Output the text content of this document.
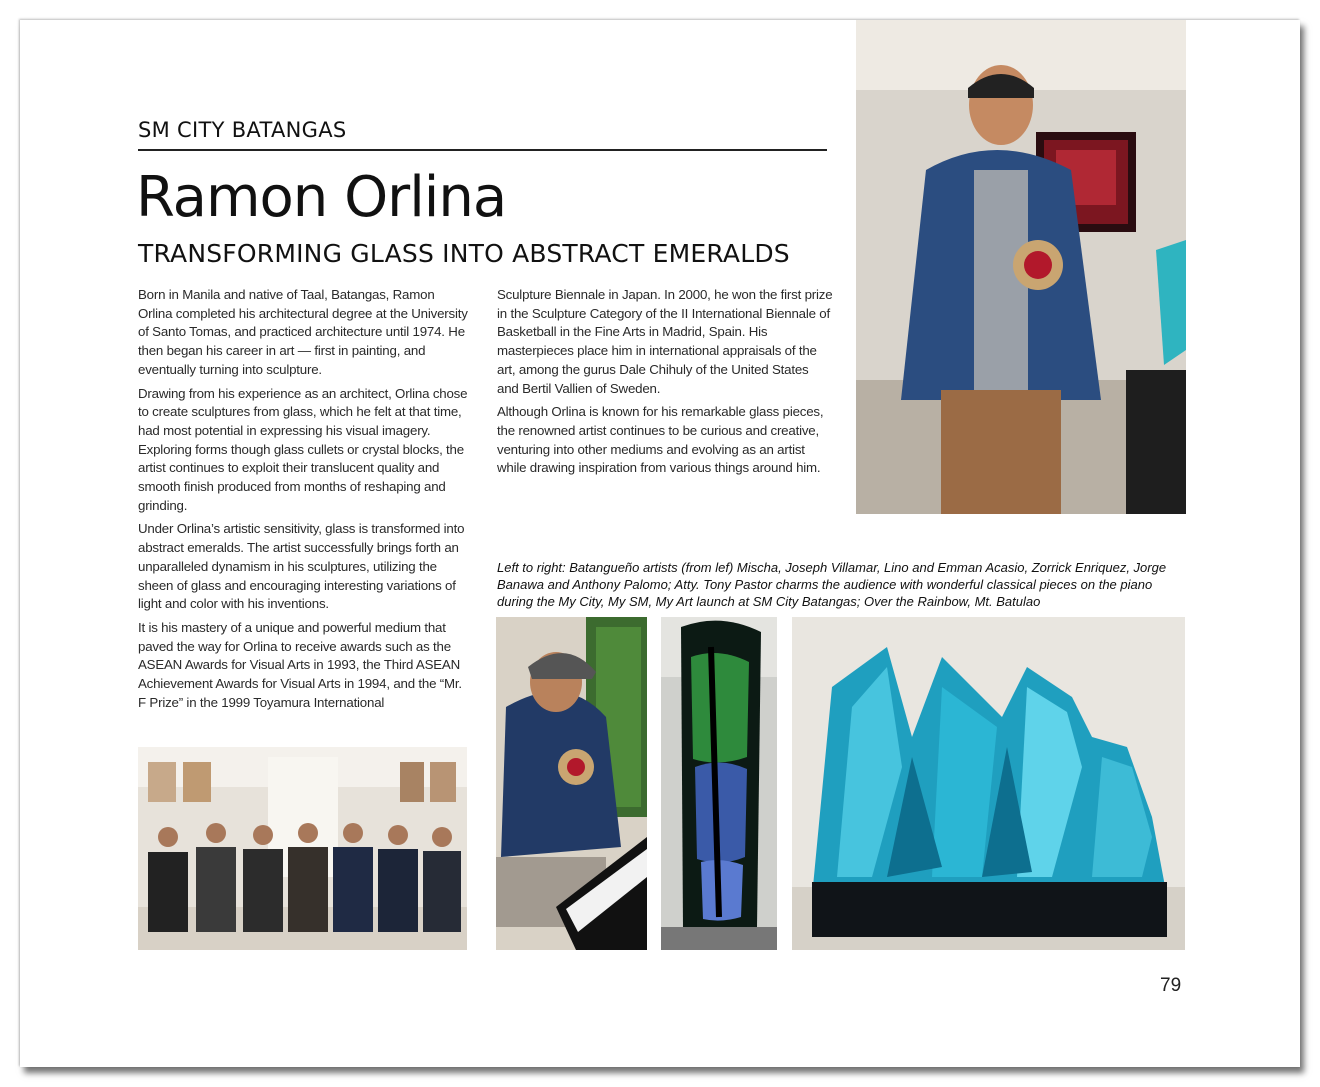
SM CITY BATANGAS
Ramon Orlina
TRANSFORMING GLASS INTO ABSTRACT EMERALDS

Born in Manila and native of Taal, Batangas, Ramon Orlina completed his architectural degree at the University of Santo Tomas, and practiced architecture until 1974. He then began his career in art — first in painting, and eventually turning into sculpture.

Drawing from his experience as an architect, Orlina chose to create sculptures from glass, which he felt at that time, had most potential in expressing his visual imagery. Exploring forms though glass cullets or crystal blocks, the artist continues to exploit their translucent quality and smooth finish produced from months of reshaping and grinding.

Under Orlina’s artistic sensitivity, glass is transformed into abstract emeralds. The artist successfully brings forth an unparalleled dynamism in his sculptures, utilizing the sheen of glass and encouraging interesting variations of light and color with his inventions.

It is his mastery of a unique and powerful medium that paved the way for Orlina to receive awards such as the ASEAN Awards for Visual Arts in 1993, the Third ASEAN Achievement Awards for Visual Arts in 1994, and the “Mr. F Prize” in the 1999 Toyamura International

Sculpture Biennale in Japan. In 2000, he won the first prize in the Sculpture Category of the II International Biennale of Basketball in the Fine Arts in Madrid, Spain. His masterpieces place him in international appraisals of the art, among the gurus Dale Chihuly of the United States and Bertil Vallien of Sweden.

Although Orlina is known for his remarkable glass pieces, the renowned artist continues to be curious and creative, venturing into other mediums and evolving as an artist while drawing inspiration from various things around him.

Left to right: Batangueño artists (from lef) Mischa, Joseph Villamar, Lino and Emman Acasio, Zorrick Enriquez, Jorge Banawa and Anthony Palomo; Atty. Tony Pastor charms the audience with wonderful classical pieces on the piano during the My City, My SM, My Art launch at SM City Batangas; Over the Rainbow, Mt. Batulao
79
